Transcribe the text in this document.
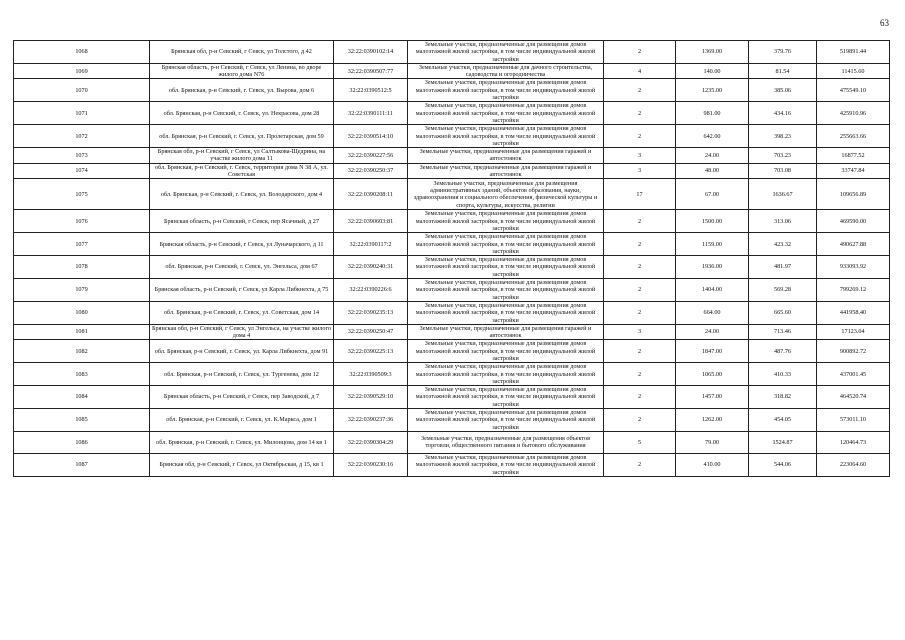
63
1068	Брянская обл, р-н Севский, г Севск, ул Толстого, д 42	32:22:0390102:14	Земельные участки, предназначенные для размещения домов малоэтажной жилой застройки, в том числе индивидуальной жилой застройки	2	1369.00	379.76	519891.44
1069	Брянская область, р-н Севский, г Севск, ул Ленина, во дворе жилого дома N76	32:22:0390507:77	Земельные участки, предназначенные для дачного строительства, садоводства и огородничества	4	140.00	81.54	11415.60
1070	обл. Брянская, р-н Севский, г. Севск, ул. Вырова, дом 6	32:22:0390512:5	Земельные участки, предназначенные для размещения домов малоэтажной жилой застройки, в том числе индивидуальной жилой застройки	2	1235.00	385.06	475549.10
1071	обл. Брянская, р-н Севский, г. Севск, ул. Некрасова, дом 28	32:22:0390111:11	Земельные участки, предназначенные для размещения домов малоэтажной жилой застройки, в том числе индивидуальной жилой застройки	2	981.00	434.16	425910.96
1072	обл. Брянская, р-н Севский, г. Севск, ул. Пролетарская, дом 59	32:22:0390514:10	Земельные участки, предназначенные для размещения домов малоэтажной жилой застройки, в том числе индивидуальной жилой застройки	2	642.00	398.23	255663.66
1073	Брянская обл, р-н Севский, г Севск, ул Салтыкова-Щедрина, на участке жилого дома 11	32:22:0390227:56	Земельные участки, предназначенные для размещения гаражей и автостоянок	3	24.00	703.23	16877.52
1074	обл. Брянская, р-н Севский, г. Севск, территория дома N 38 А, ул. Советская	32:22:0390250:37	Земельные участки, предназначенные для размещения гаражей и автостоянок	3	48.00	703.08	33747.84
1075	обл. Брянская, р-н Севский, г. Севск, ул. Володарского, дом 4	32:22:0390208:11	Земельные участки, предназначенные для размещения административных зданий, объектов образования, науки, здравоохранения и социального обеспечения, физической культуры и спорта, культуры, искусства, религии	17	67.00	1636.67	109656.89
1076	Брянская область, р-н Севский, г Севск, пер Ясачный, д 27	32:22:0390603:81	Земельные участки, предназначенные для размещения домов малоэтажной жилой застройки, в том числе индивидуальной жилой застройки	2	1500.00	313.06	469590.00
1077	Брянская область, р-н Севский, г Севск, ул Луначарского, д 11	32:22:0390117:2	Земельные участки, предназначенные для размещения домов малоэтажной жилой застройки, в том числе индивидуальной жилой застройки	2	1159.00	423.32	490627.88
1078	обл. Брянская, р-н Севский, г. Севск, ул. Энгельса, дом 67	32:22:0390240:31	Земельные участки, предназначенные для размещения домов малоэтажной жилой застройки, в том числе индивидуальной жилой застройки	2	1936.00	481.97	933093.92
1079	Брянская область, р-н Севский, г Севск, ул Карла Либкнехта, д 75	32:22:0390226:6	Земельные участки, предназначенные для размещения домов малоэтажной жилой застройки, в том числе индивидуальной жилой застройки	2	1404.00	569.28	799269.12
1080	обл. Брянская, р-н Севский, г. Севск, ул. Советская, дом 14	32:22:0390235:13	Земельные участки, предназначенные для размещения домов малоэтажной жилой застройки, в том числе индивидуальной жилой застройки	2	664.00	665.60	441958.40
1081	Брянская обл, р-н Севский, г Севск, ул Энгельса, на участке жилого дома 4	32:22:0390250:47	Земельные участки, предназначенные для размещения гаражей и автостоянок	3	24.00	713.46	17123.04
1082	обл. Брянская, р-н Севский, г. Севск, ул. Карла Либкнехта, дом 91	32:22:0390225:13	Земельные участки, предназначенные для размещения домов малоэтажной жилой застройки, в том числе индивидуальной жилой застройки	2	1847.00	487.76	900892.72
1083	обл. Брянская, р-н Севский, г. Севск, ул. Тургенева, дом 12	32:22:0390509:3	Земельные участки, предназначенные для размещения домов малоэтажной жилой застройки, в том числе индивидуальной жилой застройки	2	1065.00	410.33	437001.45
1084	Брянская область, р-н Севский, г Севск, пер Заводской, д 7	32:22:0390529:10	Земельные участки, предназначенные для размещения домов малоэтажной жилой застройки, в том числе индивидуальной жилой застройки	2	1457.00	318.82	464520.74
1085	обл. Брянская, р-н Севский, г. Севск, ул. К.Маркса, дом 1	32:22:0390237:36	Земельные участки, предназначенные для размещения домов малоэтажной жилой застройки, в том числе индивидуальной жилой застройки	2	1262.00	454.05	573011.10
1086	обл. Брянская, р-н Севский, г. Севск, ул. Милонцова, дом 14 кв 1	32:22:0390304:29	Земельные участки, предназначенные для размещения объектов торговли, общественного питания и бытового обслуживания	5	79.00	1524.87	120464.73
1087	Брянская обл, р-н Севский, г Севск, ул Октябрьская, д 15, кв 1	32:22:0390230:16	Земельные участки, предназначенные для размещения домов малоэтажной жилой застройки, в том числе индивидуальной жилой застройки	2	410.00	544.06	223064.60
